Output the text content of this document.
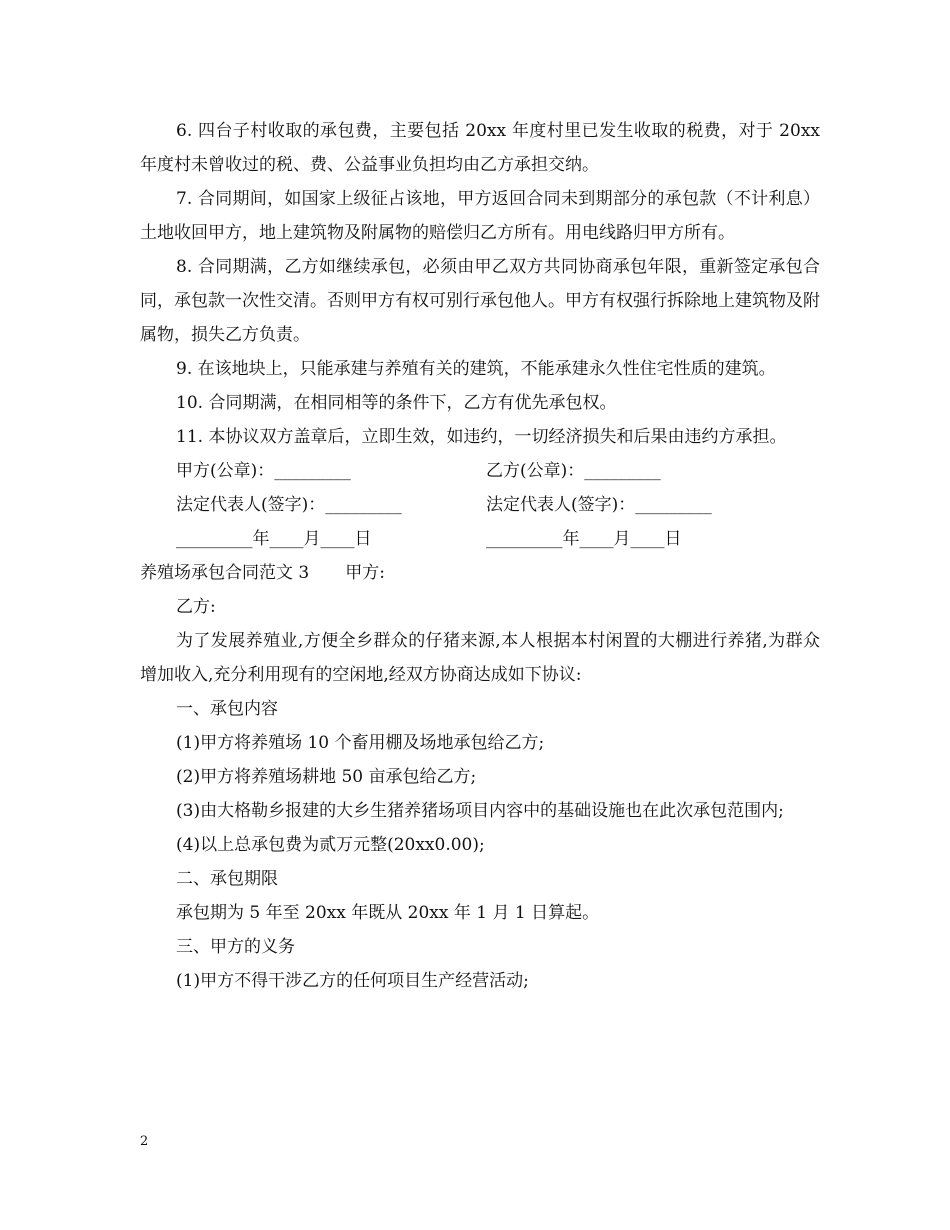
6. 四台子村收取的承包费，主要包括 20xx 年度村里已发生收取的税费，对于 20xx 年度村未曾收过的税、费、公益事业负担均由乙方承担交纳。

7. 合同期间，如国家上级征占该地，甲方返回合同未到期部分的承包款（不计利息）土地收回甲方，地上建筑物及附属物的赔偿归乙方所有。用电线路归甲方所有。

8. 合同期满，乙方如继续承包，必须由甲乙双方共同协商承包年限，重新签定承包合同，承包款一次性交清。否则甲方有权可别行承包他人。甲方有权强行拆除地上建筑物及附属物，损失乙方负责。

9. 在该地块上，只能承建与养殖有关的建筑，不能承建永久性住宅性质的建筑。

10. 合同期满，在相同相等的条件下，乙方有优先承包权。

11. 本协议双方盖章后，立即生效，如违约，一切经济损失和后果由违约方承担。

甲方(公章)：_________	乙方(公章)：_________
法定代表人(签字)：_________	法定代表人(签字)：_________
_________年____月____日	_________年____月____日
养殖场承包合同范文 3 甲方:

乙方:

为了发展养殖业,方便全乡群众的仔猪来源,本人根据本村闲置的大棚进行养猪,为群众增加收入,充分利用现有的空闲地,经双方协商达成如下协议:

一、承包内容

(1)甲方将养殖场 10 个畜用棚及场地承包给乙方;

(2)甲方将养殖场耕地 50 亩承包给乙方;

(3)由大格勒乡报建的大乡生猪养猪场项目内容中的基础设施也在此次承包范围内;

(4)以上总承包费为贰万元整(20xx0.00);

二、承包期限

承包期为 5 年至 20xx 年既从 20xx 年 1 月 1 日算起。

三、甲方的义务

(1)甲方不得干涉乙方的任何项目生产经营活动;

2
